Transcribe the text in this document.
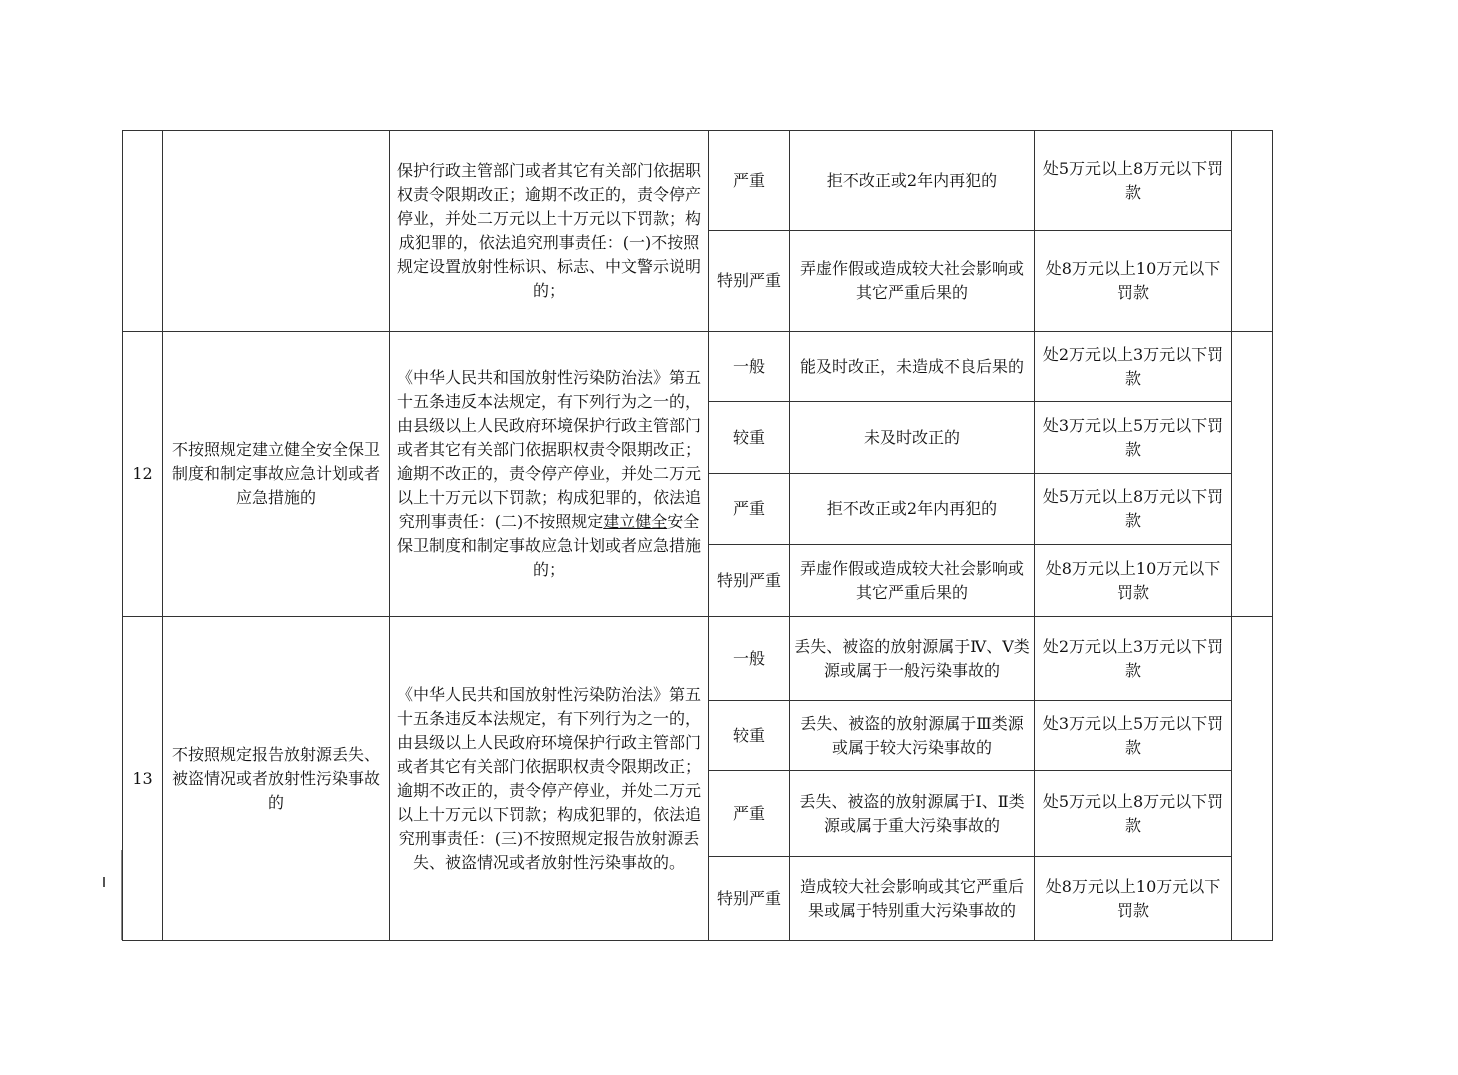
		保护行政主管部门或者其它有关部门依据职权责令限期改正；逾期不改正的，责令停产停业，并处二万元以上十万元以下罚款；构成犯罪的，依法追究刑事责任：(一)不按照规定设置放射性标识、标志、中文警示说明的；	严重	拒不改正或2年内再犯的	处5万元以上8万元以下罚款	
			特别严重	弄虚作假或造成较大社会影响或其它严重后果的	处8万元以上10万元以下罚款	
12	不按照规定建立健全安全保卫制度和制定事故应急计划或者应急措施的	《中华人民共和国放射性污染防治法》第五十五条违反本法规定，有下列行为之一的，由县级以上人民政府环境保护行政主管部门或者其它有关部门依据职权责令限期改正；逾期不改正的，责令停产停业，并处二万元以上十万元以下罚款；构成犯罪的，依法追究刑事责任：(二)不按照规定建立健全安全保卫制度和制定事故应急计划或者应急措施的；	一般	能及时改正，未造成不良后果的	处2万元以上3万元以下罚款	
			较重	未及时改正的	处3万元以上5万元以下罚款	
			严重	拒不改正或2年内再犯的	处5万元以上8万元以下罚款	
			特别严重	弄虚作假或造成较大社会影响或其它严重后果的	处8万元以上10万元以下罚款	
13	不按照规定报告放射源丢失、被盗情况或者放射性污染事故的	《中华人民共和国放射性污染防治法》第五十五条违反本法规定，有下列行为之一的，由县级以上人民政府环境保护行政主管部门或者其它有关部门依据职权责令限期改正；逾期不改正的，责令停产停业，并处二万元以上十万元以下罚款；构成犯罪的，依法追究刑事责任：(三)不按照规定报告放射源丢失、被盗情况或者放射性污染事故的。	一般	丢失、被盗的放射源属于Ⅳ、Ⅴ类源或属于一般污染事故的	处2万元以上3万元以下罚款	
			较重	丢失、被盗的放射源属于Ⅲ类源或属于较大污染事故的	处3万元以上5万元以下罚款	
			严重	丢失、被盗的放射源属于Ⅰ、Ⅱ类源或属于重大污染事故的	处5万元以上8万元以下罚款	
			特别严重	造成较大社会影响或其它严重后果或属于特别重大污染事故的	处8万元以上10万元以下罚款	
